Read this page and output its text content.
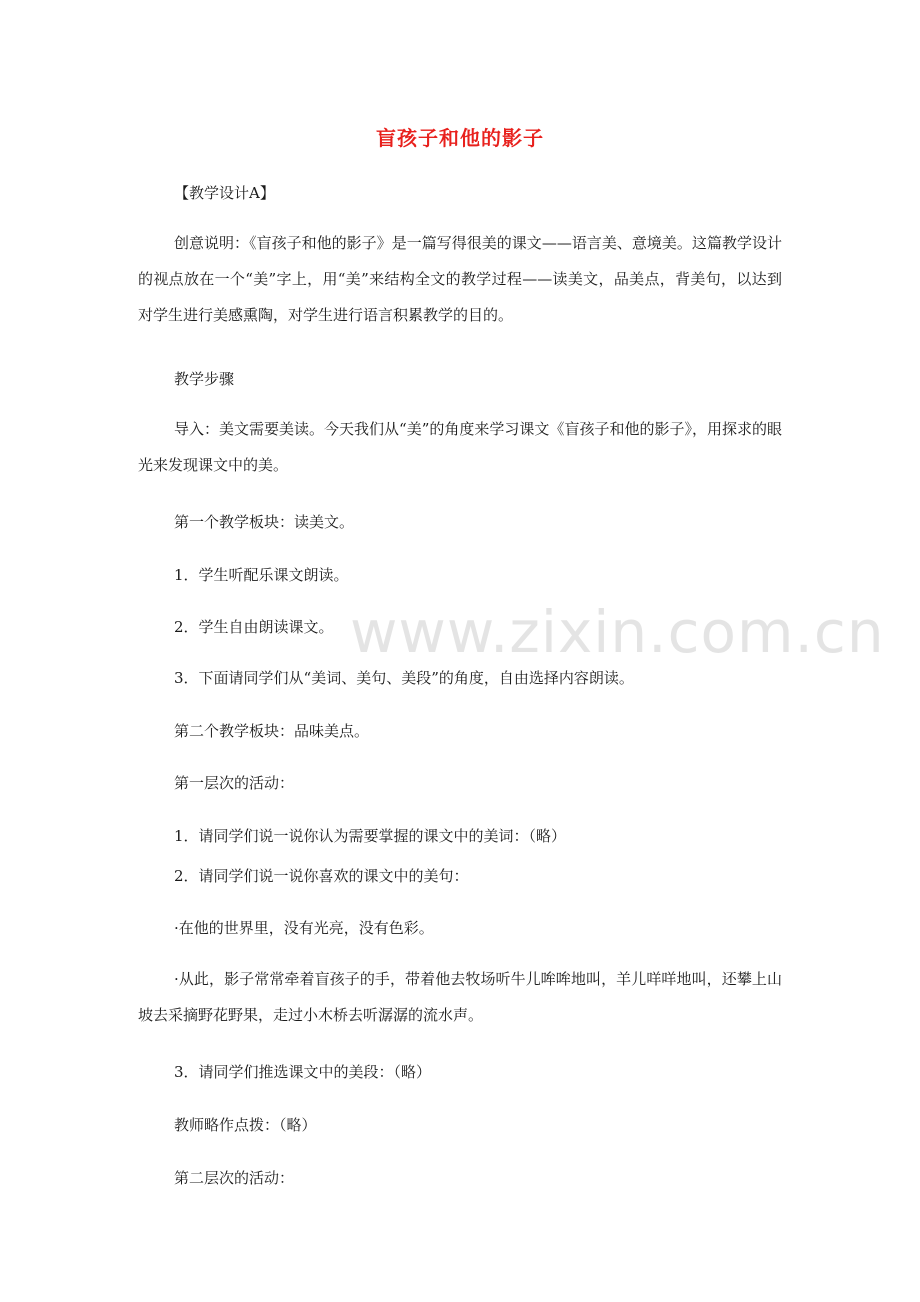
盲孩子和他的影子
【教学设计A】
创意说明：《盲孩子和他的影子》是一篇写得很美的课文——语言美、意境美。这篇教学设计的视点放在一个“美”字上，用“美”来结构全文的教学过程——读美文，品美点，背美句，以达到对学生进行美感熏陶，对学生进行语言积累教学的目的。
教学步骤
导入：美文需要美读。今天我们从“美”的角度来学习课文《盲孩子和他的影子》，用探求的眼光来发现课文中的美。
第一个教学板块：读美文。
1．学生听配乐课文朗读。
2．学生自由朗读课文。
3．下面请同学们从“美词、美句、美段”的角度，自由选择内容朗读。
第二个教学板块：品味美点。
第一层次的活动：
1．请同学们说一说你认为需要掌握的课文中的美词：（略）
2．请同学们说一说你喜欢的课文中的美句：
·在他的世界里，没有光亮，没有色彩。
·从此，影子常常牵着盲孩子的手，带着他去牧场听牛儿哞哞地叫，羊儿咩咩地叫，还攀上山坡去采摘野花野果，走过小木桥去听潺潺的流水声。
3．请同学们推选课文中的美段：（略）
教师略作点拨：（略）
第二层次的活动：
www.zixin.com.cn
